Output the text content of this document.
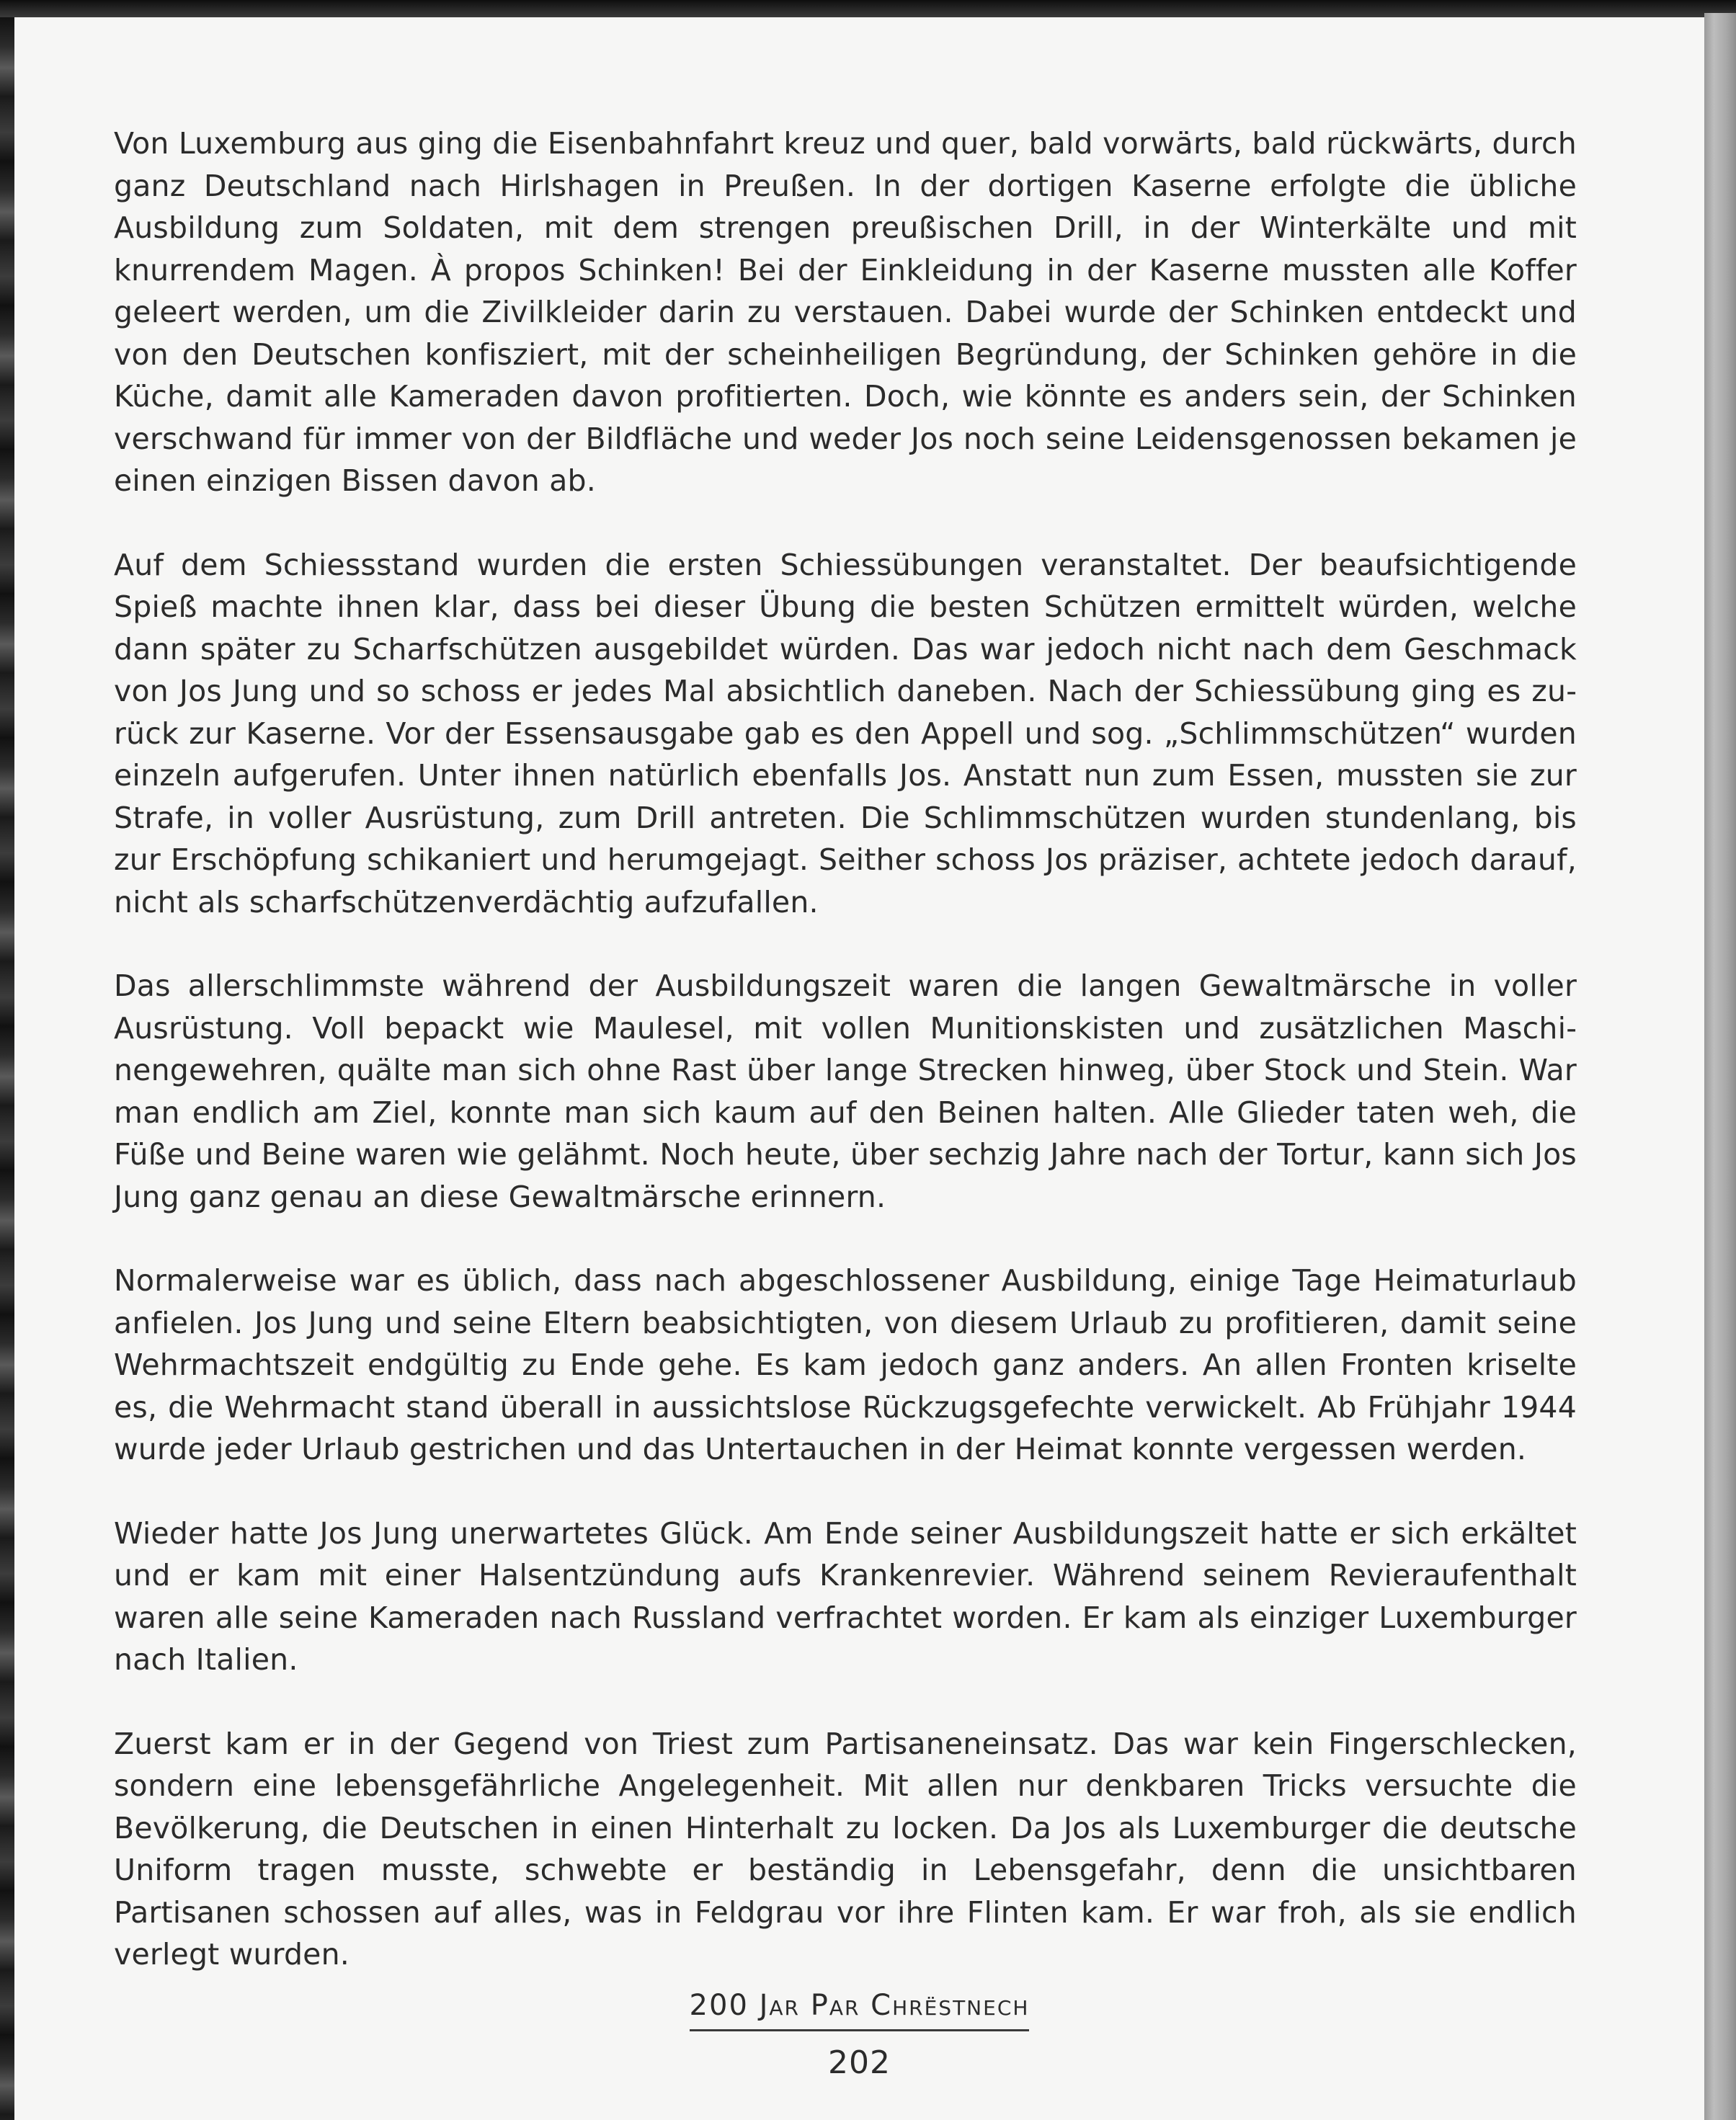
Von Luxemburg aus ging die Eisenbahnfahrt kreuz und quer, bald vorwärts, bald rückwärts, durch ganz Deutschland nach Hirlshagen in Preußen. In der dortigen Kaserne erfolgte die übliche Ausbildung zum Soldaten, mit dem strengen preußischen Drill, in der Winterkälte und mit knurrendem Magen. À propos Schinken! Bei der Einkleidung in der Kaserne mussten alle Koffer geleert werden, um die Zivilkleider darin zu verstauen. Dabei wurde der Schinken entdeckt und von den Deutschen konfisziert, mit der scheinheiligen Begründung, der Schinken gehöre in die Küche, damit alle Kameraden davon profitierten. Doch, wie könnte es anders sein, der Schinken verschwand für immer von der Bildfläche und weder Jos noch seine Leidensgenossen bekamen je einen einzigen Bissen davon ab.

Auf dem Schiessstand wurden die ersten Schiessübungen veranstaltet. Der beaufsichtigende Spieß machte ihnen klar, dass bei dieser Übung die besten Schützen ermittelt würden, welche dann später zu Scharfschützen ausgebildet würden. Das war jedoch nicht nach dem Geschmack von Jos Jung und so schoss er jedes Mal absichtlich daneben. Nach der Schiessübung ging es zurück zur Kaserne. Vor der Essensausgabe gab es den Appell und sog. „Schlimmschützen“ wurden einzeln aufgerufen. Unter ihnen natürlich ebenfalls Jos. Anstatt nun zum Essen, mussten sie zur Strafe, in voller Ausrüstung, zum Drill antreten. Die Schlimmschützen wurden stundenlang, bis zur Erschöpfung schikaniert und herumgejagt. Seither schoss Jos präziser, achtete jedoch darauf, nicht als scharfschützenverdächtig aufzufallen.

Das allerschlimmste während der Ausbildungszeit waren die langen Gewaltmärsche in voller Ausrüstung. Voll bepackt wie Maulesel, mit vollen Munitionskisten und zusätzlichen Maschinengewehren, quälte man sich ohne Rast über lange Strecken hinweg, über Stock und Stein. War man endlich am Ziel, konnte man sich kaum auf den Beinen halten. Alle Glieder taten weh, die Füße und Beine waren wie gelähmt. Noch heute, über sechzig Jahre nach der Tortur, kann sich Jos Jung ganz genau an diese Gewaltmärsche erinnern.

Normalerweise war es üblich, dass nach abgeschlossener Ausbildung, einige Tage Heimaturlaub anfielen. Jos Jung und seine Eltern beabsichtigten, von diesem Urlaub zu profitieren, damit seine Wehrmachtszeit endgültig zu Ende gehe. Es kam jedoch ganz anders. An allen Fronten kriselte es, die Wehrmacht stand überall in aussichtslose Rückzugsgefechte verwickelt. Ab Frühjahr 1944 wurde jeder Urlaub gestrichen und das Untertauchen in der Heimat konnte vergessen werden.

Wieder hatte Jos Jung unerwartetes Glück. Am Ende seiner Ausbildungszeit hatte er sich erkältet und er kam mit einer Halsentzündung aufs Krankenrevier. Während seinem Revieraufenthalt waren alle seine Kameraden nach Russland verfrachtet worden. Er kam als einziger Luxemburger nach Italien.

Zuerst kam er in der Gegend von Triest zum Partisaneneinsatz. Das war kein Fingerschlecken, sondern eine lebensgefährliche Angelegenheit. Mit allen nur denkbaren Tricks versuchte die Bevölkerung, die Deutschen in einen Hinterhalt zu locken. Da Jos als Luxemburger die deutsche Uniform tragen musste, schwebte er beständig in Lebensgefahr, denn die unsichtbaren Partisanen schossen auf alles, was in Feldgrau vor ihre Flinten kam. Er war froh, als sie endlich verlegt wurden.

200 Jar Par Chrëstnech
202
